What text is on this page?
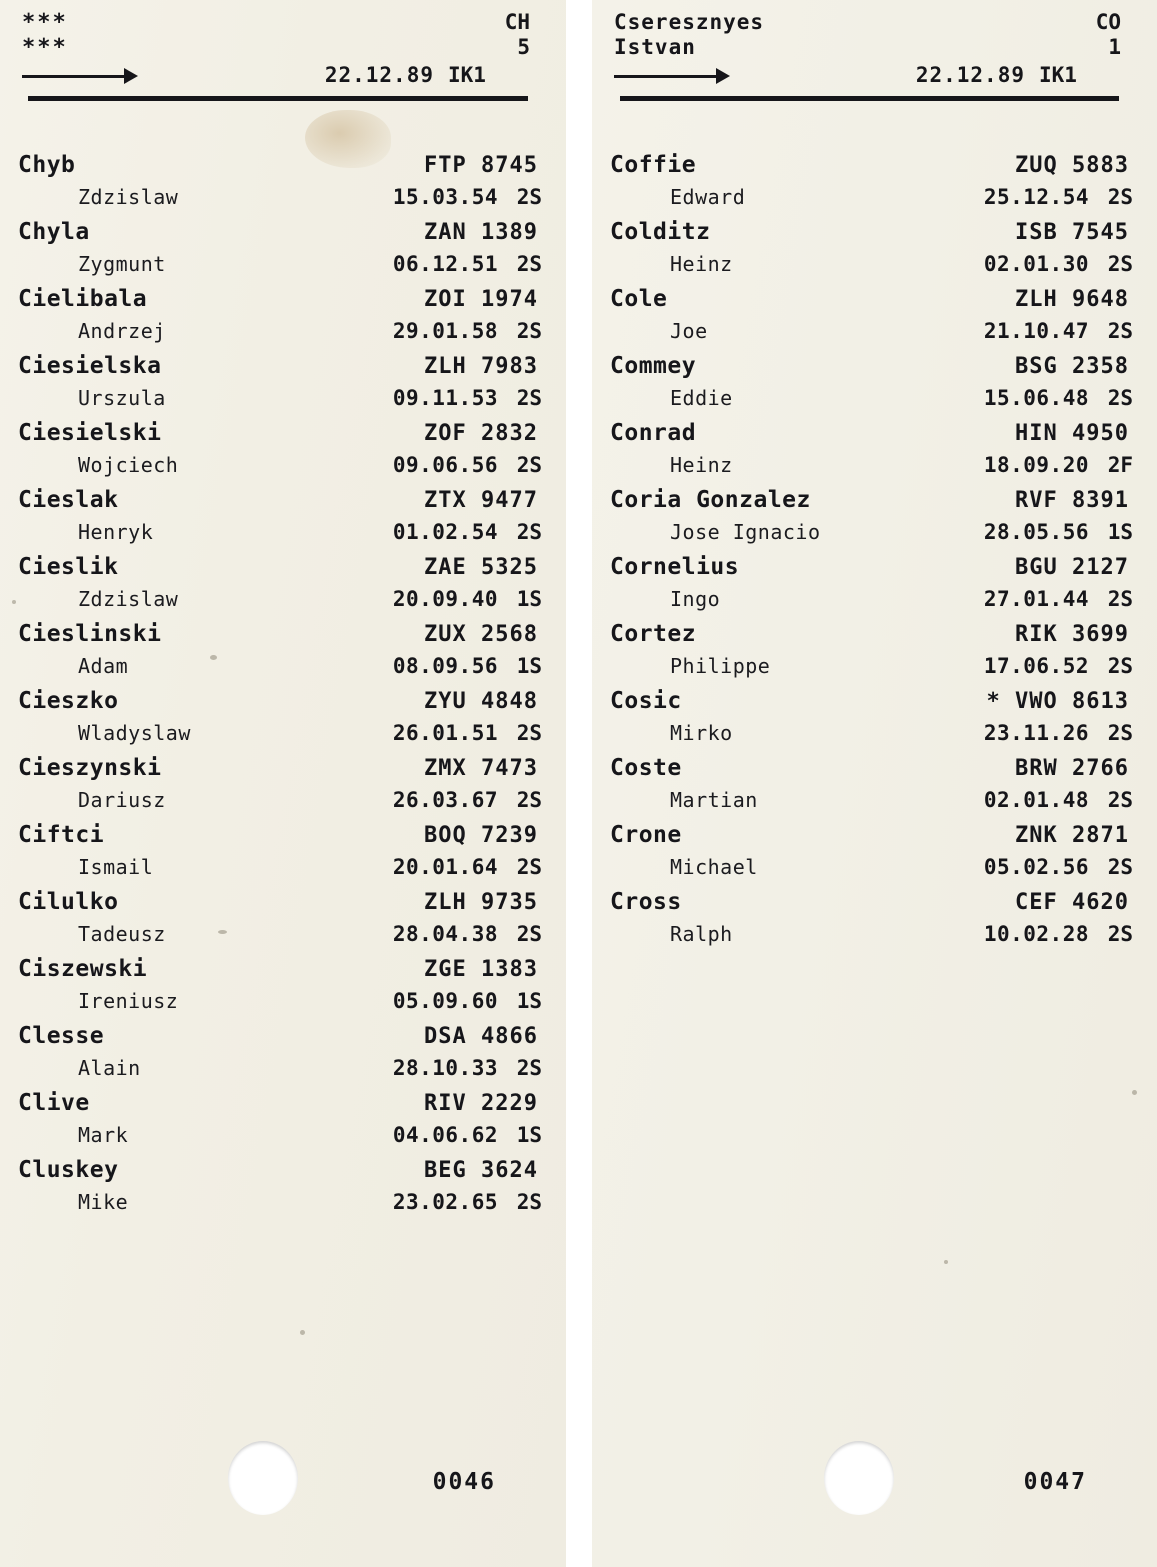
***	CH
***	5
22.12.89 IK1
Chyb	FTP 8745
Zdzislaw	15.03.54 2S
Chyla	ZAN 1389
Zygmunt	06.12.51 2S
Cielibala	ZOI 1974
Andrzej	29.01.58 2S
Ciesielska	ZLH 7983
Urszula	09.11.53 2S
Ciesielski	ZOF 2832
Wojciech	09.06.56 2S
Cieslak	ZTX 9477
Henryk	01.02.54 2S
Cieslik	ZAE 5325
Zdzislaw	20.09.40 1S
Cieslinski	ZUX 2568
Adam	08.09.56 1S
Cieszko	ZYU 4848
Wladyslaw	26.01.51 2S
Cieszynski	ZMX 7473
Dariusz	26.03.67 2S
Ciftci	BOQ 7239
Ismail	20.01.64 2S
Cilulko	ZLH 9735
Tadeusz	28.04.38 2S
Ciszewski	ZGE 1383
Ireniusz	05.09.60 1S
Clesse	DSA 4866
Alain	28.10.33 2S
Clive	RIV 2229
Mark	04.06.62 1S
Cluskey	BEG 3624
Mike	23.02.65 2S
0046
Cseresznyes	CO
Istvan	1
22.12.89 IK1
Coffie	ZUQ 5883
Edward	25.12.54 2S
Colditz	ISB 7545
Heinz	02.01.30 2S
Cole	ZLH 9648
Joe	21.10.47 2S
Commey	BSG 2358
Eddie	15.06.48 2S
Conrad	HIN 4950
Heinz	18.09.20 2F
Coria Gonzalez	RVF 8391
Jose Ignacio	28.05.56 1S
Cornelius	BGU 2127
Ingo	27.01.44 2S
Cortez	RIK 3699
Philippe	17.06.52 2S
Cosic	* VWO 8613
Mirko	23.11.26 2S
Coste	BRW 2766
Martian	02.01.48 2S
Crone	ZNK 2871
Michael	05.02.56 2S
Cross	CEF 4620
Ralph	10.02.28 2S
0047
